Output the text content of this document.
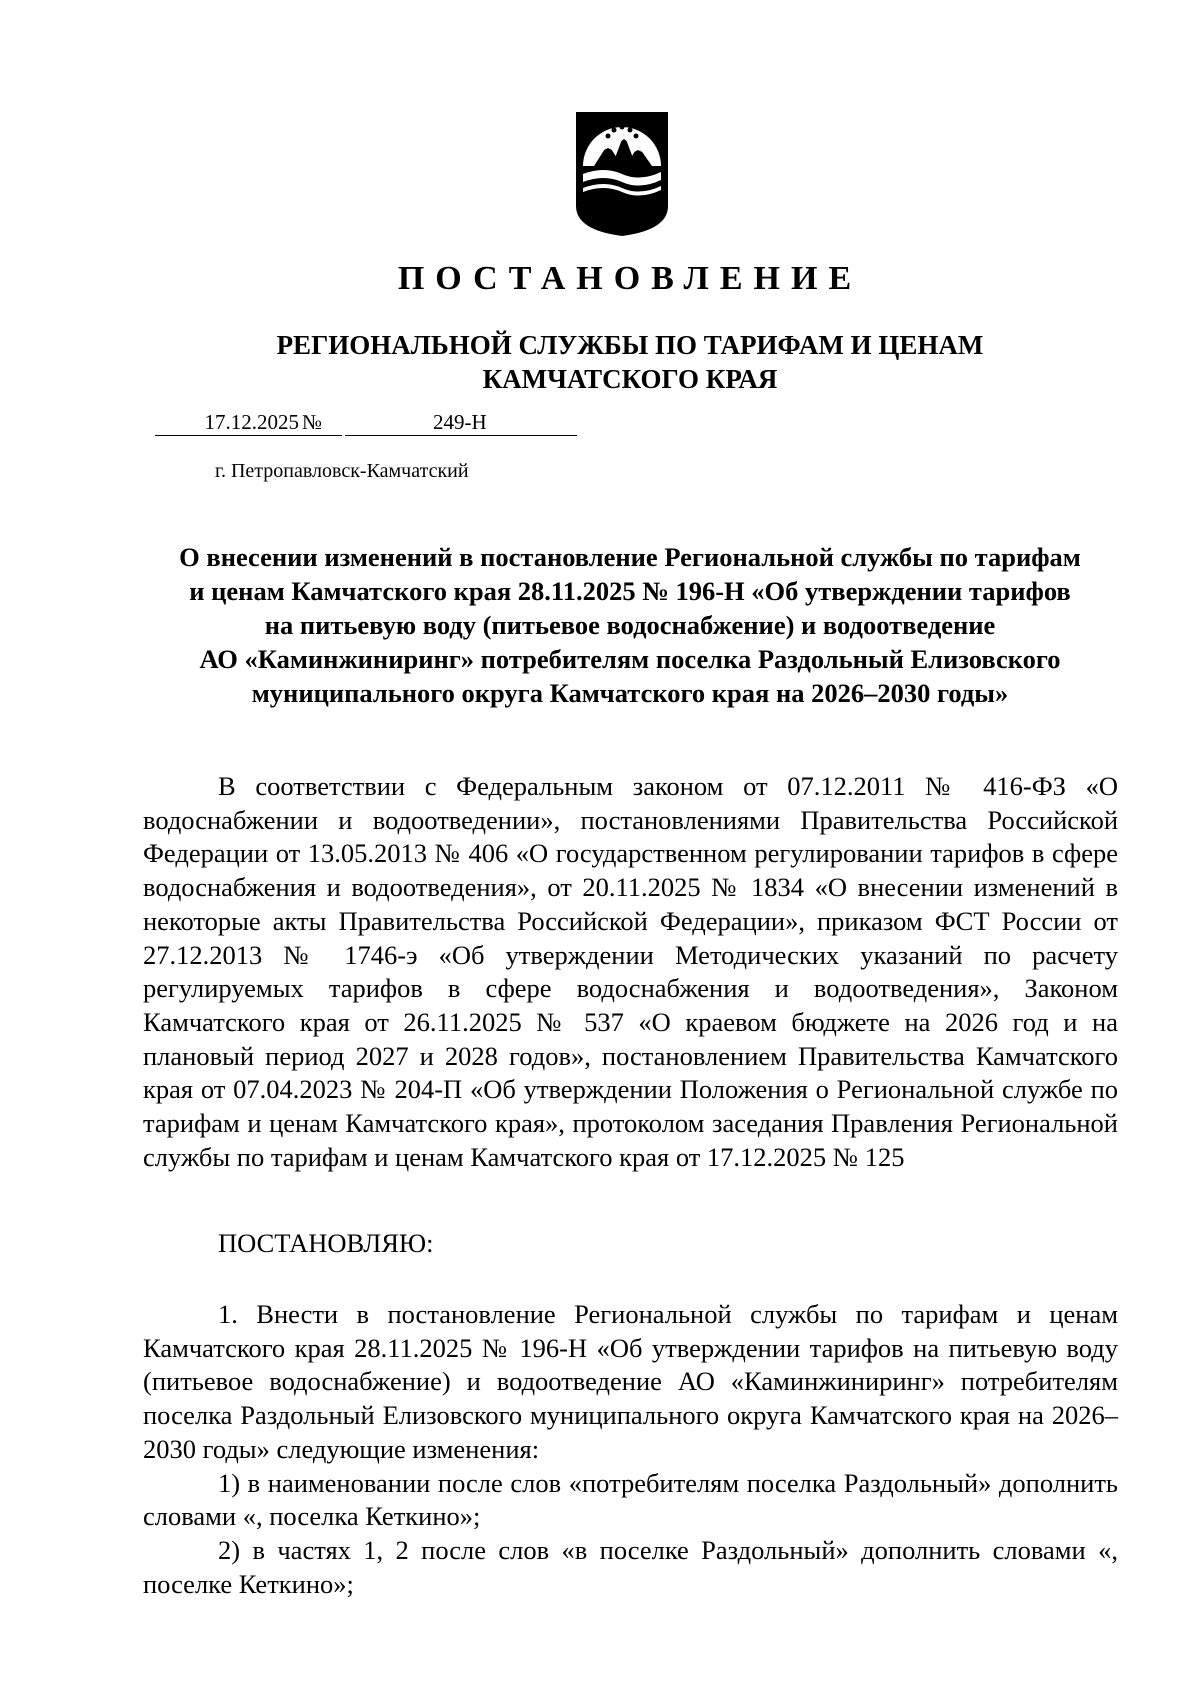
ПОСТАНОВЛЕНИЕ
РЕГИОНАЛЬНОЙ СЛУЖБЫ ПО ТАРИФАМ И ЦЕНАМ
КАМЧАТСКОГО КРАЯ
17.12.2025 №	249-Н
г. Петропавловск-Камчатский
О внесении изменений в постановление Региональной службы по тарифам
и ценам Камчатского края 28.11.2025 № 196-Н «Об утверждении тарифов
на питьевую воду (питьевое водоснабжение) и водоотведение
АО «Каминжиниринг» потребителям поселка Раздольный Елизовского
муниципального округа Камчатского края на 2026–2030 годы»

В соответствии с Федеральным законом от 07.12.2011 № 416-ФЗ «О водоснабжении и водоотведении», постановлениями Правительства Российской Федерации от 13.05.2013 № 406 «О государственном регулировании тарифов в сфере водоснабжения и водоотведения», от 20.11.2025 № 1834 «О внесении изменений в некоторые акты Правительства Российской Федерации», приказом ФСТ России от 27.12.2013 № 1746-э «Об утверждении Методических указаний по расчету регулируемых тарифов в сфере водоснабжения и водоотведения», Законом Камчатского края от 26.11.2025 № 537 «О краевом бюджете на 2026 год и на плановый период 2027 и 2028 годов», постановлением Правительства Камчатского края от 07.04.2023 № 204-П «Об утверждении Положения о Региональной службе по тарифам и ценам Камчатского края», протоколом заседания Правления Региональной службы по тарифам и ценам Камчатского края от 17.12.2025 № 125

ПОСТАНОВЛЯЮ:

1. Внести в постановление Региональной службы по тарифам и ценам Камчатского края 28.11.2025 № 196-Н «Об утверждении тарифов на питьевую воду (питьевое водоснабжение) и водоотведение АО «Каминжиниринг» потребителям поселка Раздольный Елизовского муниципального округа Камчатского края на 2026–2030 годы» следующие изменения:

1) в наименовании после слов «потребителям поселка Раздольный» дополнить словами «, поселка Кеткино»;

2) в частях 1, 2 после слов «в поселке Раздольный» дополнить словами «, поселке Кеткино»;
